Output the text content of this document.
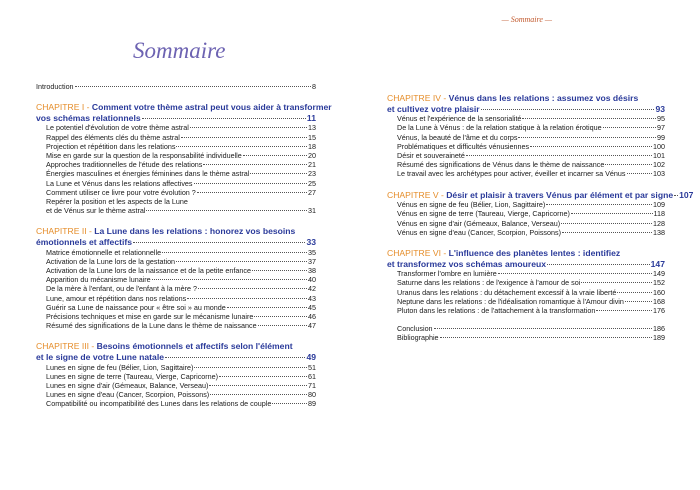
— Sommaire —
Sommaire
Introduction	8
CHAPITRE I - Comment votre thème astral peut vous aider à transformer
vos schémas relationnels	11
Le potentiel d'évolution de votre thème astral	13
Rappel des éléments clés du thème astral	15
Projection et répétition dans les relations	18
Mise en garde sur la question de la responsabilité individuelle	20
Approches traditionnelles de l'étude des relations	21
Énergies masculines et énergies féminines dans le thème astral	23
La Lune et Vénus dans les relations affectives	25
Comment utiliser ce livre pour votre évolution ?	27
Repérer la position et les aspects de la Lune
et de Vénus sur le thème astral	31
CHAPITRE II - La Lune dans les relations : honorez vos besoins
émotionnels et affectifs	33
Matrice émotionnelle et relationnelle	35
Activation de la Lune lors de la gestation	37
Activation de la Lune lors de la naissance et de la petite enfance	38
Apparition du mécanisme lunaire	40
De la mère à l'enfant, ou de l'enfant à la mère ?	42
Lune, amour et répétition dans nos relations	43
Guérir sa Lune de naissance pour « être soi » au monde	45
Précisions techniques et mise en garde sur le mécanisme lunaire	46
Résumé des significations de la Lune dans le thème de naissance	47
CHAPITRE III - Besoins émotionnels et affectifs selon l'élément
et le signe de votre Lune natale	49
Lunes en signe de feu (Bélier, Lion, Sagittaire)	51
Lunes en signe de terre (Taureau, Vierge, Capricorne)	61
Lunes en signe d'air (Gémeaux, Balance, Verseau)	71
Lunes en signe d'eau (Cancer, Scorpion, Poissons)	80
Compatibilité ou incompatibilité des Lunes dans les relations de couple	89
CHAPITRE IV - Vénus dans les relations : assumez vos désirs
et cultivez votre plaisir	93
Vénus et l'expérience de la sensorialité	95
De la Lune à Vénus : de la relation statique à la relation érotique	97
Vénus, la beauté de l'âme et du corps	99
Problématiques et difficultés vénusiennes	100
Désir et souveraineté	101
Résumé des significations de Vénus dans le thème de naissance	102
Le travail avec les archétypes pour activer, éveiller et incarner sa Vénus	103
CHAPITRE V - Désir et plaisir à travers Vénus par élément et par signe 107
Vénus en signe de feu (Bélier, Lion, Sagittaire)	109
Vénus en signe de terre (Taureau, Vierge, Capricorne)	118
Vénus en signe d'air (Gémeaux, Balance, Verseau)	128
Vénus en signe d'eau (Cancer, Scorpion, Poissons)	138
CHAPITRE VI - L'influence des planètes lentes : identifiez
et transformez vos schémas amoureux	147
Transformer l'ombre en lumière	149
Saturne dans les relations : de l'exigence à l'amour de soi	152
Uranus dans les relations : du détachement excessif à la vraie liberté	160
Neptune dans les relations : de l'idéalisation romantique à l'Amour divin	168
Pluton dans les relations : de l'attachement à la transformation	176
Conclusion	186
Bibliographie	189
